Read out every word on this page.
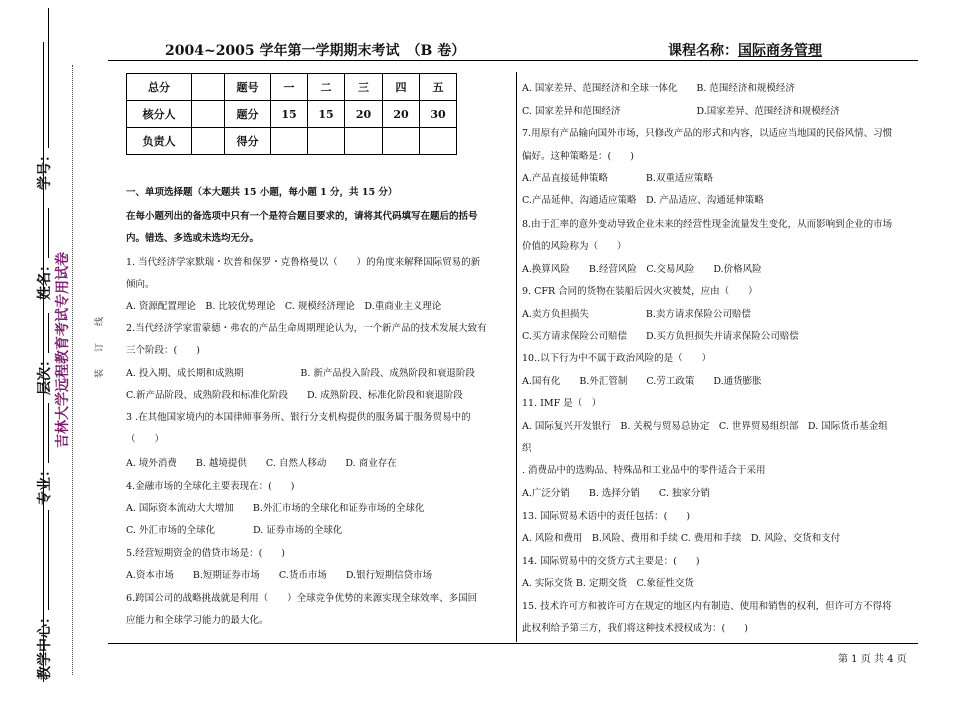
2004~2005 学年第一学期期末考试　（B 卷）	课程名称：国际商务管理
学号：
姓名：
层次：
专业：
教学中心：
吉林大学远程教育考试专用试卷	装　订　线
总分		题号	一	二	三	四	五
核分人		题分	15	15	20	20	30
负责人		得分					
一、单项选择题（本大题共 15 小题，每小题 1 分，共 15 分）
在每小题列出的备选项中只有一个是符合题目要求的，请将其代码填写在题后的括号
内。错选、多选或未选均无分。
1. 当代经济学家默瑞・坎普和保罗・克鲁格曼以（　　）的角度来解释国际贸易的新
倾向。
A. 资源配置理论　B. 比较优势理论　C. 规模经济理论　D.重商业主义理论
2.当代经济学家雷蒙德・弗农的产品生命周期理论认为，一个新产品的技术发展大致有
三个阶段：(　　)
A. 投入期、成长期和成熟期　　　　　　B. 新产品投入阶段、成熟阶段和衰退阶段
C.新产品阶段、成熟阶段和标准化阶段　　D. 成熟阶段、标准化阶段和衰退阶段
3 .在其他国家境内的本国律师事务所、银行分支机构提供的服务属于服务贸易中的
（　　）
A. 境外消费　　B. 越境提供　　C. 自然人移动　　D. 商业存在
4.金融市场的全球化主要表现在：(　　)
A. 国际资本流动大大增加　　B.外汇市场的全球化和证券市场的全球化
C. 外汇市场的全球化　　　　D. 证券市场的全球化
5.经营短期资金的借贷市场是：(　　)
A.资本市场　　B.短期证券市场　　C.货币市场　　D.银行短期信贷市场
6.跨国公司的战略挑战就是利用（　　）全球竞争优势的来源实现全球效率、多国回
应能力和全球学习能力的最大化。
A. 国家差异、范围经济和全球一体化　　B. 范围经济和规模经济
C. 国家差异和范围经济　　　　　　　　D.国家差异、范围经济和规模经济
7.用原有产品输向国外市场，只修改产品的形式和内容，以适应当地国的民俗风情、习惯
偏好。这种策略是：(　　)
A.产品直接延伸策略　　　　B.双重适应策略
C.产品延伸、沟通适应策略　D. 产品适应、沟通延伸策略
8.由于汇率的意外变动导致企业未来的经营性现金流量发生变化，从而影响到企业的市场
价值的风险称为（　　）
A.换算风险　　B.经营风险　C.交易风险　　D.价格风险
9. CFR 合同的货物在装船后因火灾被焚，应由（　　）
A.卖方负担损失　　　　　　B.卖方请求保险公司赔偿
C.买方请求保险公司赔偿　　D.买方负担损失并请求保险公司赔偿
10..以下行为中不属于政治风险的是（　　）
A.国有化　　B.外汇管制　　C.劳工政策　　D.通货膨胀
11. IMF 是（　）
A. 国际复兴开发银行　B. 关税与贸易总协定　C. 世界贸易组织部　D. 国际货币基金组
织
. 消费品中的选购品、特殊品和工业品中的零件适合于采用
A.广泛分销　　B. 选择分销　　C. 独家分销
13. 国际贸易术语中的责任包括：(　　)
A. 风险和费用　B.风险、费用和手续 C. 费用和手续　D. 风险、交货和支付
14. 国际贸易中的交货方式主要是：(　　)
A. 实际交货 B. 定期交货　C.象征性交货
15. 技术许可方和被许可方在规定的地区内有制造、使用和销售的权利，但许可方不得将
此权利给予第三方，我们将这种技术授权成为：(　　)
第 1 页 共 4 页
